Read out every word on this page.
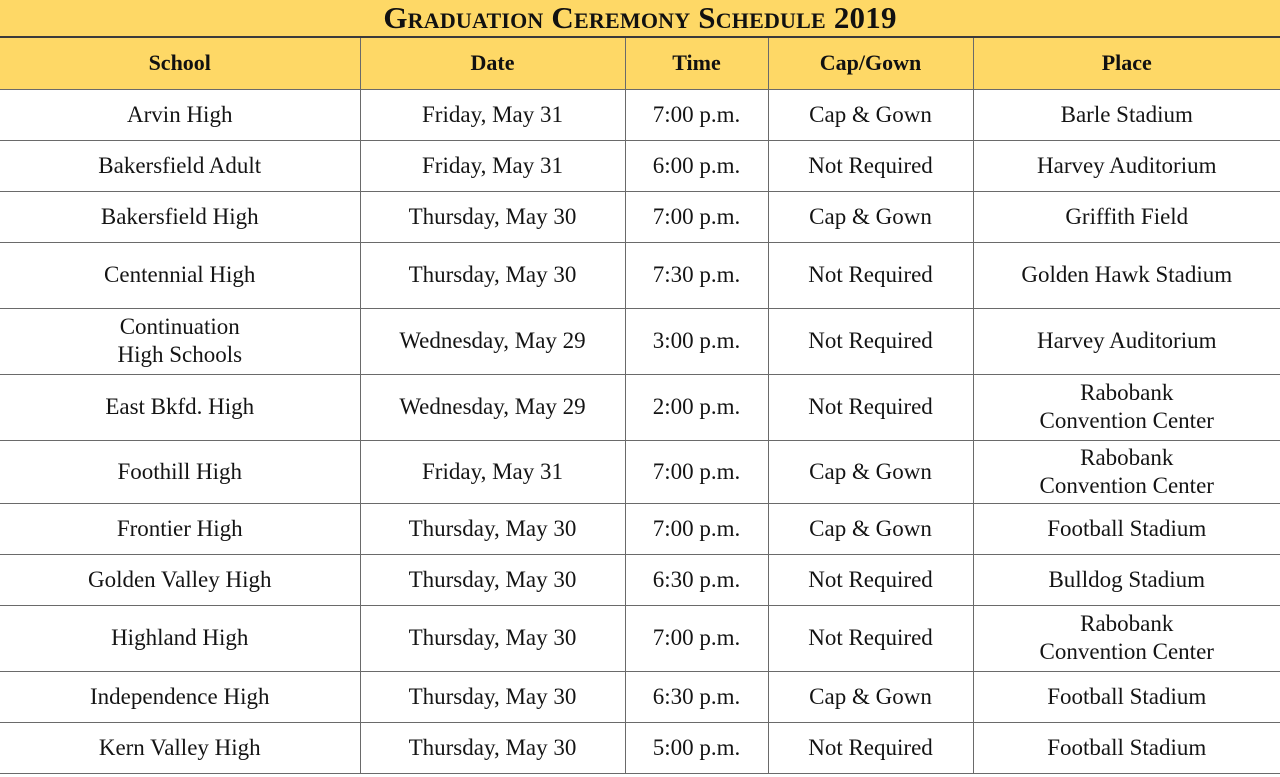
Graduation Ceremony Schedule 2019
School	Date	Time	Cap/Gown	Place

Arvin High	Friday, May 31	7:00 p.m.	Cap & Gown	Barle Stadium

Bakersfield Adult	Friday, May 31	6:00 p.m.	Not Required	Harvey Auditorium

Bakersfield High	Thursday, May 30	7:00 p.m.	Cap & Gown	Griffith Field

Centennial High	Thursday, May 30	7:30 p.m.	Not Required	Golden Hawk Stadium

Continuation
High Schools	Wednesday, May 29	3:00 p.m.	Not Required	Harvey Auditorium

East Bkfd. High	Wednesday, May 29	2:00 p.m.	Not Required	Rabobank
Convention Center

Foothill High	Friday, May 31	7:00 p.m.	Cap & Gown	Rabobank
Convention Center

Frontier High	Thursday, May 30	7:00 p.m.	Cap & Gown	Football Stadium

Golden Valley High	Thursday, May 30	6:30 p.m.	Not Required	Bulldog Stadium

Highland High	Thursday, May 30	7:00 p.m.	Not Required	Rabobank
Convention Center

Independence High	Thursday, May 30	6:30 p.m.	Cap & Gown	Football Stadium

Kern Valley High	Thursday, May 30	5:00 p.m.	Not Required	Football Stadium
